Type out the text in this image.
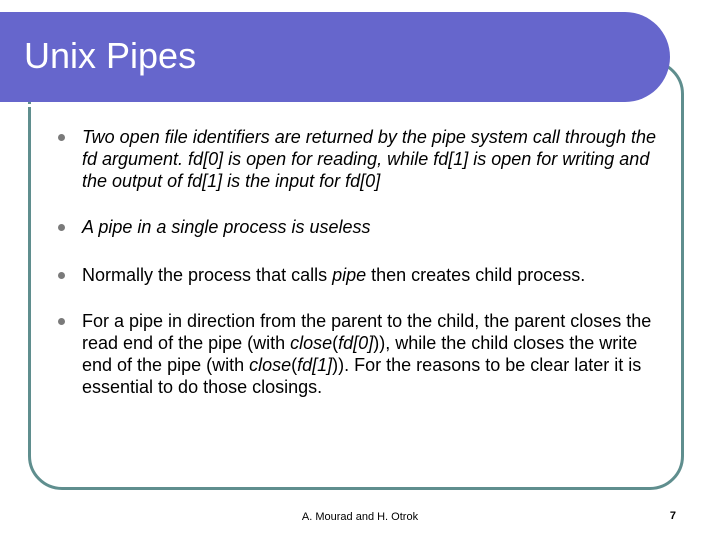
Unix Pipes
Two open file identifiers are returned by the pipe system call through the fd argument. fd[0] is open for reading, while fd[1] is open for writing and the output of fd[1] is the input for fd[0]
A pipe in a single process is useless
Normally the process that calls pipe then creates child process.
For a pipe in direction from the parent to the child, the parent closes the read end of the pipe (with close(fd[0])), while the child closes the write end of the pipe (with close(fd[1])). For the reasons to be clear later it is essential to do those closings.
A. Mourad and H. Otrok	7
